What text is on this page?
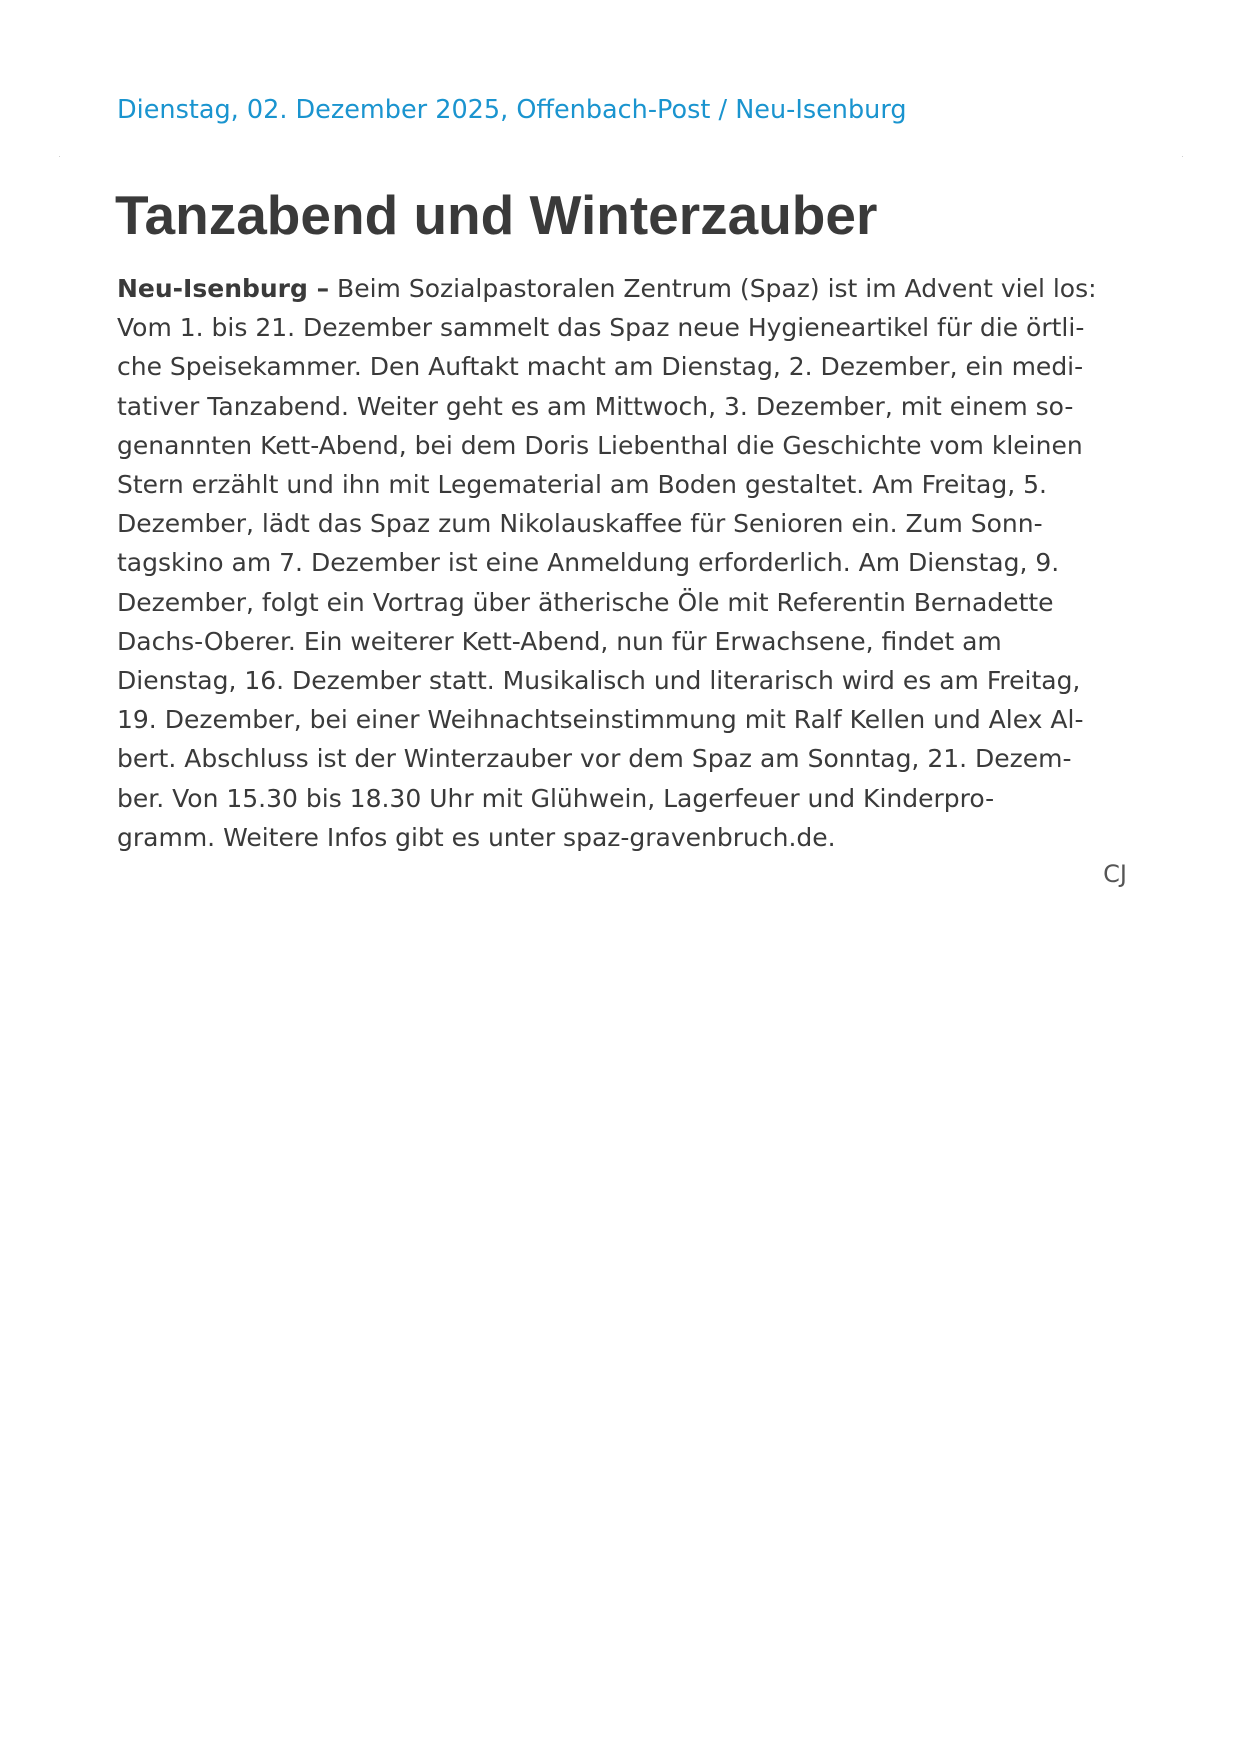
Dienstag, 02. Dezember 2025, Offenbach-Post / Neu-Isenburg
Tanzabend und Winterzauber
Neu-Isenburg – Beim Sozialpastoralen Zentrum (Spaz) ist im Advent viel los:
Vom 1. bis 21. Dezember sammelt das Spaz neue Hygieneartikel für die örtli-
che Speisekammer. Den Auftakt macht am Dienstag, 2. Dezember, ein medi-
tativer Tanzabend. Weiter geht es am Mittwoch, 3. Dezember, mit einem so-
genannten Kett-Abend, bei dem Doris Liebenthal die Geschichte vom kleinen
Stern erzählt und ihn mit Legematerial am Boden gestaltet. Am Freitag, 5.
Dezember, lädt das Spaz zum Nikolauskaffee für Senioren ein. Zum Sonn-
tagskino am 7. Dezember ist eine Anmeldung erforderlich. Am Dienstag, 9.
Dezember, folgt ein Vortrag über ätherische Öle mit Referentin Bernadette
Dachs-Oberer. Ein weiterer Kett-Abend, nun für Erwachsene, findet am
Dienstag, 16. Dezember statt. Musikalisch und literarisch wird es am Freitag,
19. Dezember, bei einer Weihnachtseinstimmung mit Ralf Kellen und Alex Al-
bert. Abschluss ist der Winterzauber vor dem Spaz am Sonntag, 21. Dezem-
ber. Von 15.30 bis 18.30 Uhr mit Glühwein, Lagerfeuer und Kinderpro-
gramm. Weitere Infos gibt es unter spaz-gravenbruch.de.
CJ
